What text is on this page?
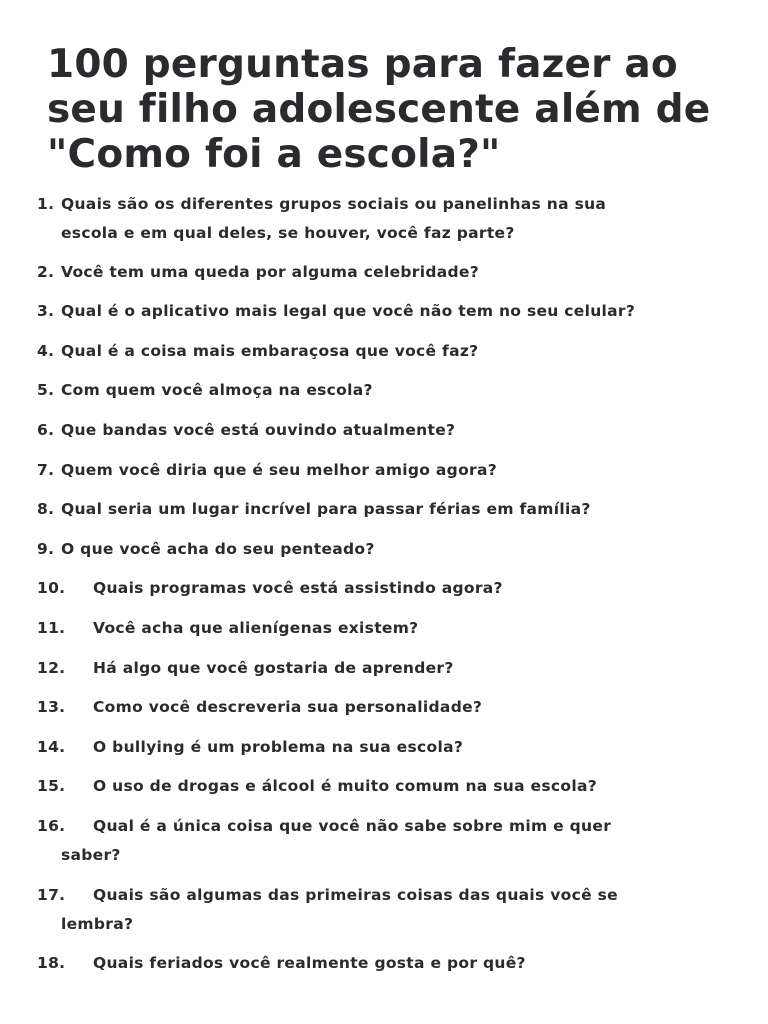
100 perguntas para fazer ao seu filho adolescente além de "Como foi a escola?"
1. Quais são os diferentes grupos sociais ou panelinhas na sua
escola e em qual deles, se houver, você faz parte?
2. Você tem uma queda por alguma celebridade?
3. Qual é o aplicativo mais legal que você não tem no seu celular?
4. Qual é a coisa mais embaraçosa que você faz?
5. Com quem você almoça na escola?
6. Que bandas você está ouvindo atualmente?
7. Quem você diria que é seu melhor amigo agora?
8. Qual seria um lugar incrível para passar férias em família?
9. O que você acha do seu penteado?
10.	Quais programas você está assistindo agora?
11.	Você acha que alienígenas existem?
12.	Há algo que você gostaria de aprender?
13.	Como você descreveria sua personalidade?
14.	O bullying é um problema na sua escola?
15.	O uso de drogas e álcool é muito comum na sua escola?
16.	Qual é a única coisa que você não sabe sobre mim e quer
saber?
17.	Quais são algumas das primeiras coisas das quais você se
lembra?
18.	Quais feriados você realmente gosta e por quê?
